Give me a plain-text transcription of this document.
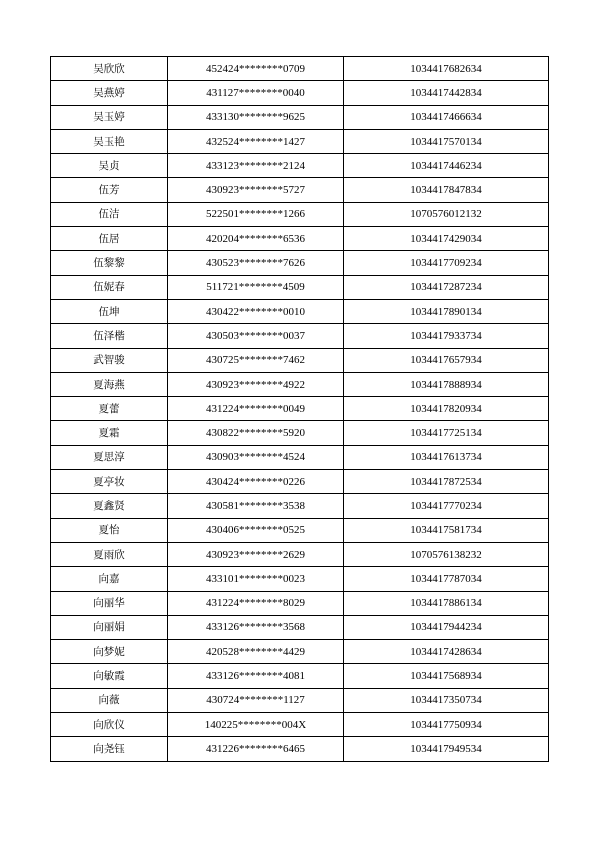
吴欣欣	452424********0709	1034417682634
吴燕婷	431127********0040	1034417442834
吴玉婷	433130********9625	1034417466634
吴玉艳	432524********1427	1034417570134
吴贞	433123********2124	1034417446234
伍芳	430923********5727	1034417847834
伍洁	522501********1266	1070576012132
伍居	420204********6536	1034417429034
伍黎黎	430523********7626	1034417709234
伍妮春	511721********4509	1034417287234
伍坤	430422********0010	1034417890134
伍泽楷	430503********0037	1034417933734
武智骏	430725********7462	1034417657934
夏海燕	430923********4922	1034417888934
夏蕾	431224********0049	1034417820934
夏霜	430822********5920	1034417725134
夏思淳	430903********4524	1034417613734
夏亭妆	430424********0226	1034417872534
夏鑫贤	430581********3538	1034417770234
夏怡	430406********0525	1034417581734
夏雨欣	430923********2629	1070576138232
向嘉	433101********0023	1034417787034
向丽华	431224********8029	1034417886134
向丽娟	433126********3568	1034417944234
向梦妮	420528********4429	1034417428634
向敏霞	433126********4081	1034417568934
向薇	430724********1127	1034417350734
向欣仪	140225********004X	1034417750934
向尧钰	431226********6465	1034417949534
